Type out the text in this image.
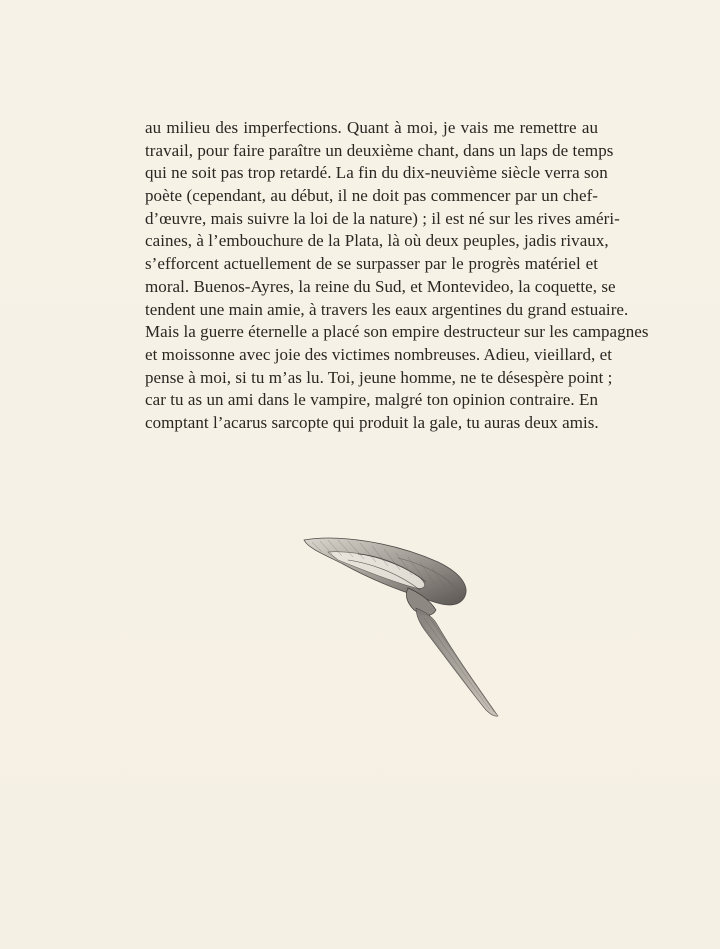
au milieu des imperfections. Quant à moi, je vais me remettre au
travail, pour faire paraître un deuxième chant, dans un laps de temps
qui ne soit pas trop retardé. La fin du dix-neuvième siècle verra son
poète (cependant, au début, il ne doit pas commencer par un chef-
d’œuvre, mais suivre la loi de la nature) ; il est né sur les rives améri-
caines, à l’embouchure de la Plata, là où deux peuples, jadis rivaux,
s’efforcent actuellement de se surpasser par le progrès matériel et
moral. Buenos-Ayres, la reine du Sud, et Montevideo, la coquette, se
tendent une main amie, à travers les eaux argentines du grand estuaire.
Mais la guerre éternelle a placé son empire destructeur sur les campagnes
et moissonne avec joie des victimes nombreuses. Adieu, vieillard, et
pense à moi, si tu m’as lu. Toi, jeune homme, ne te désespère point ;
car tu as un ami dans le vampire, malgré ton opinion contraire. En
comptant l’acarus sarcopte qui produit la gale, tu auras deux amis.
